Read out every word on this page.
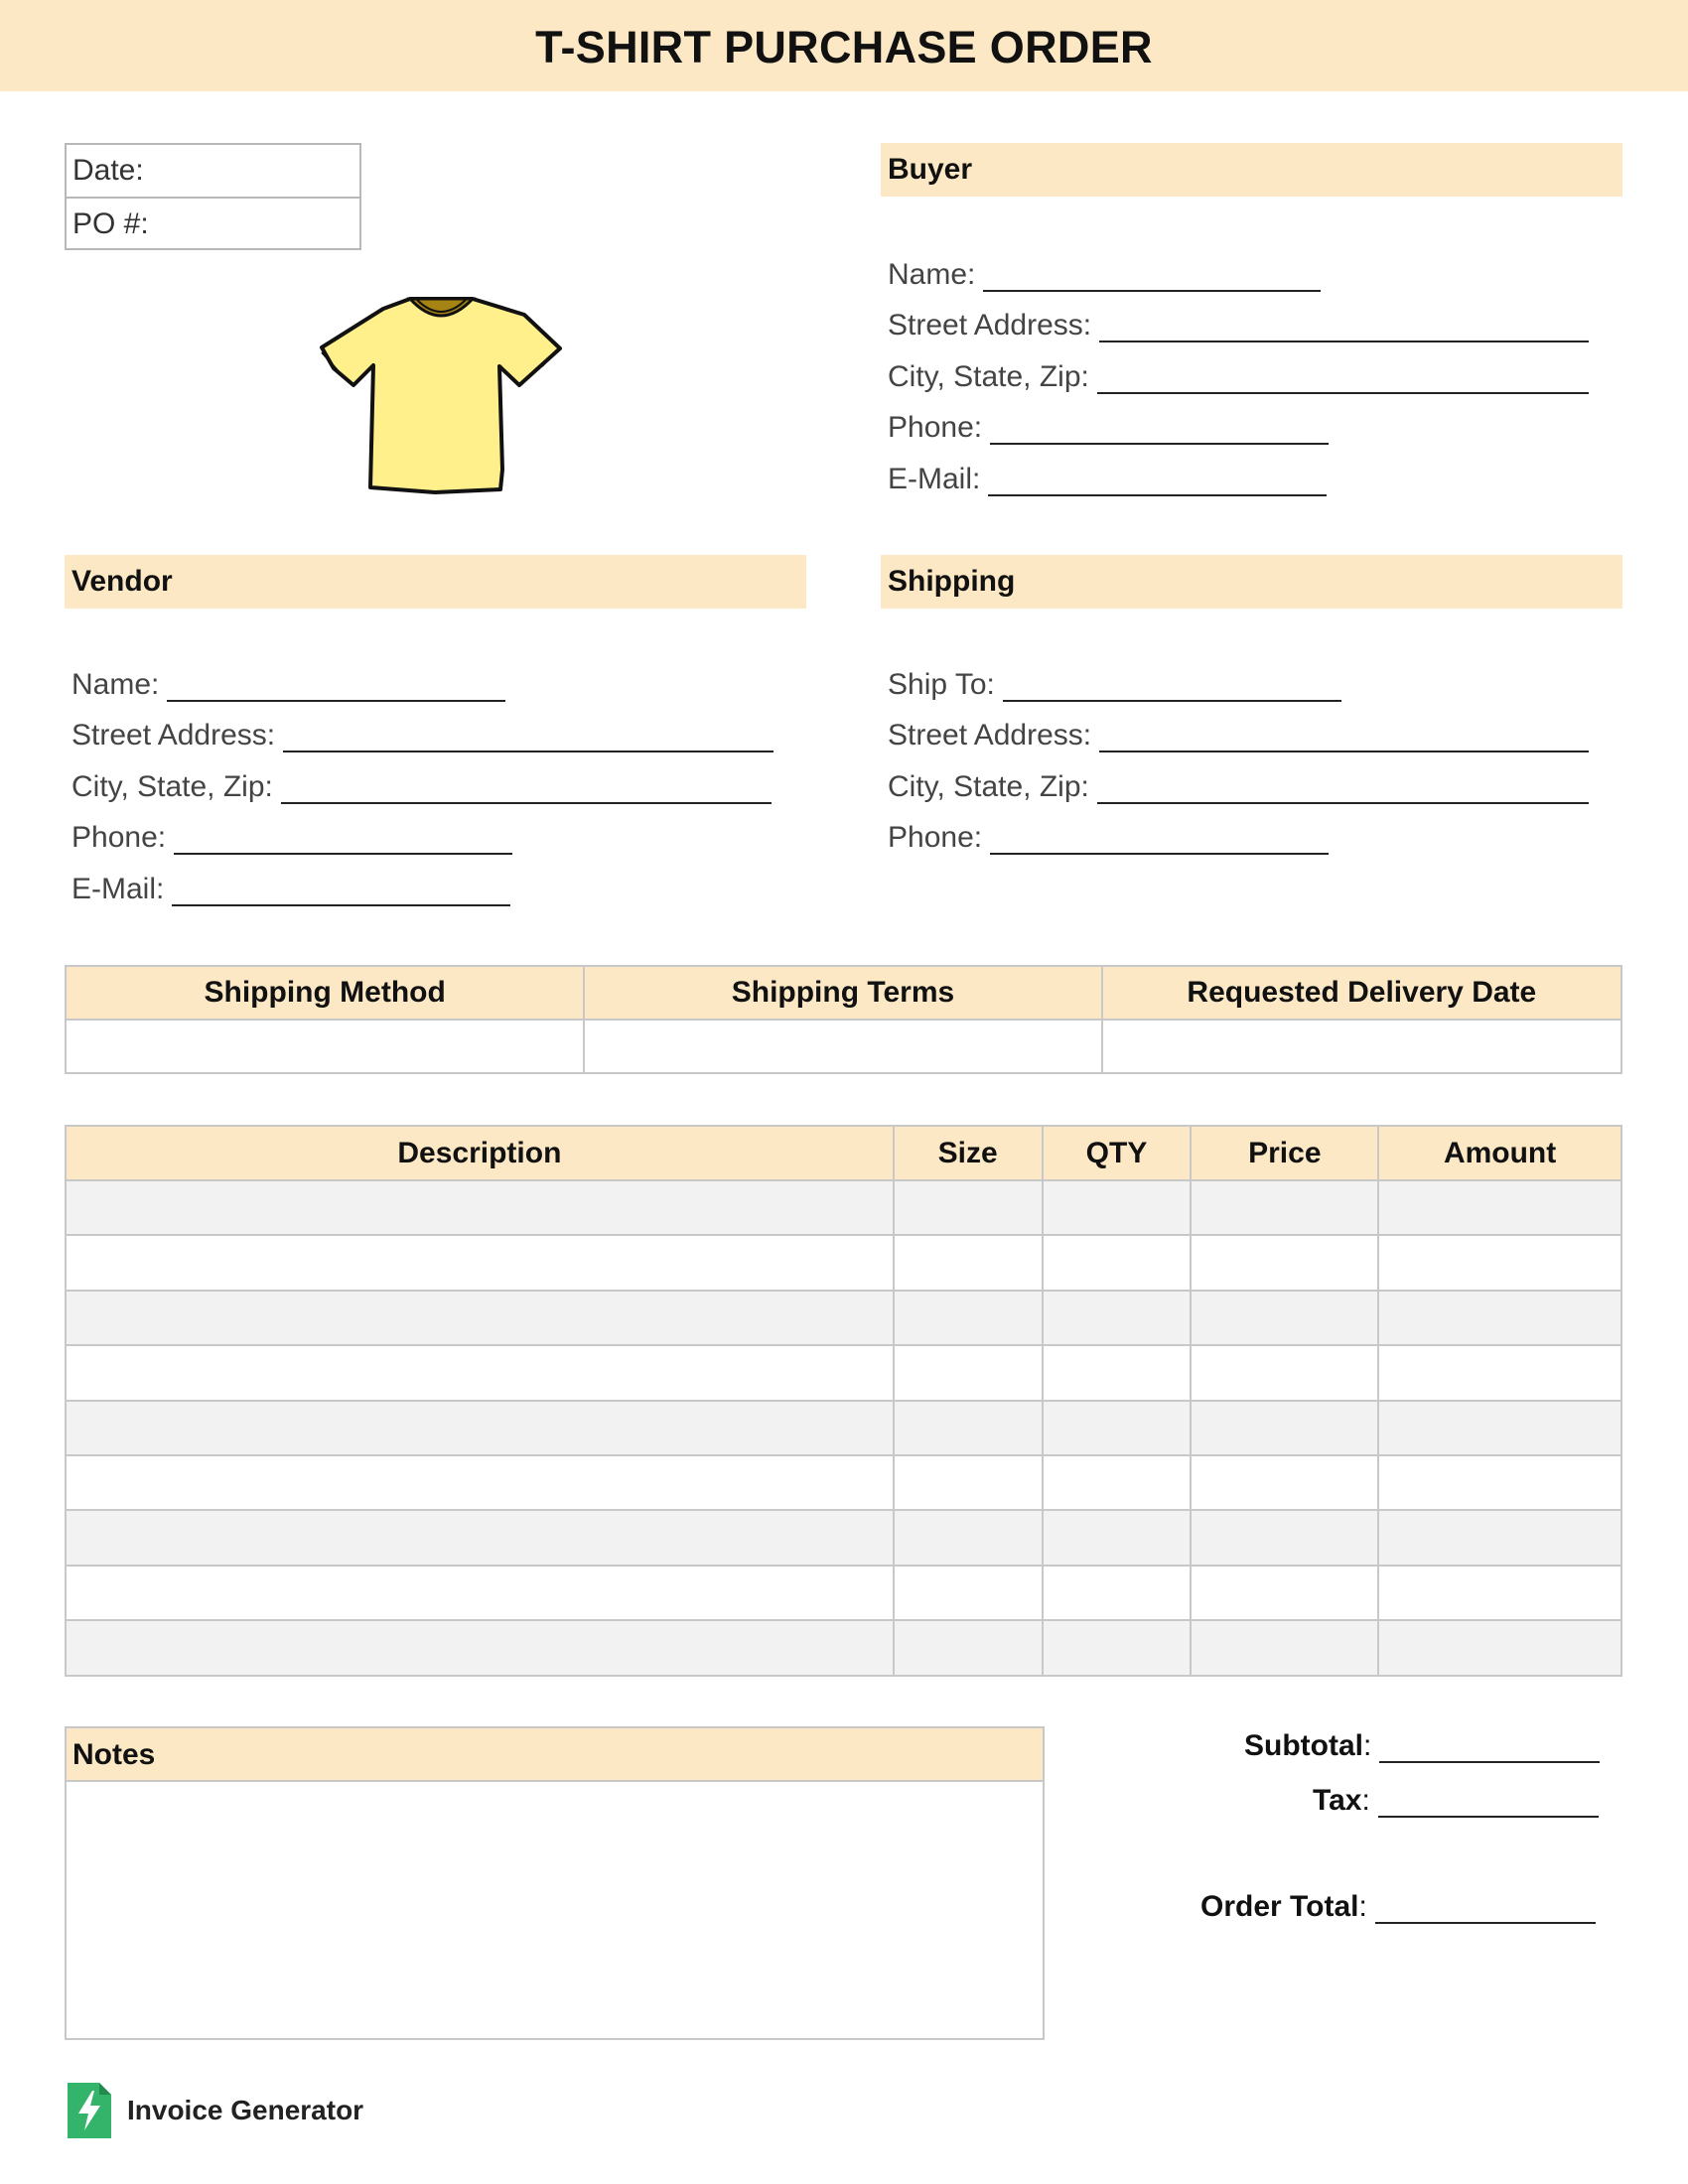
T-SHIRT PURCHASE ORDER
Date:
PO #:
Buyer
Name:
Street Address:
City, State, Zip:
Phone:
E-Mail:
Vendor
Name:
Street Address:
City, State, Zip:
Phone:
E-Mail:
Shipping
Ship To:
Street Address:
City, State, Zip:
Phone:
Shipping Method	Shipping Terms	Requested Delivery Date

Description	Size	QTY	Price	Amount

Notes	Subtotal :
Tax :
Order Total :
Invoice Generator
